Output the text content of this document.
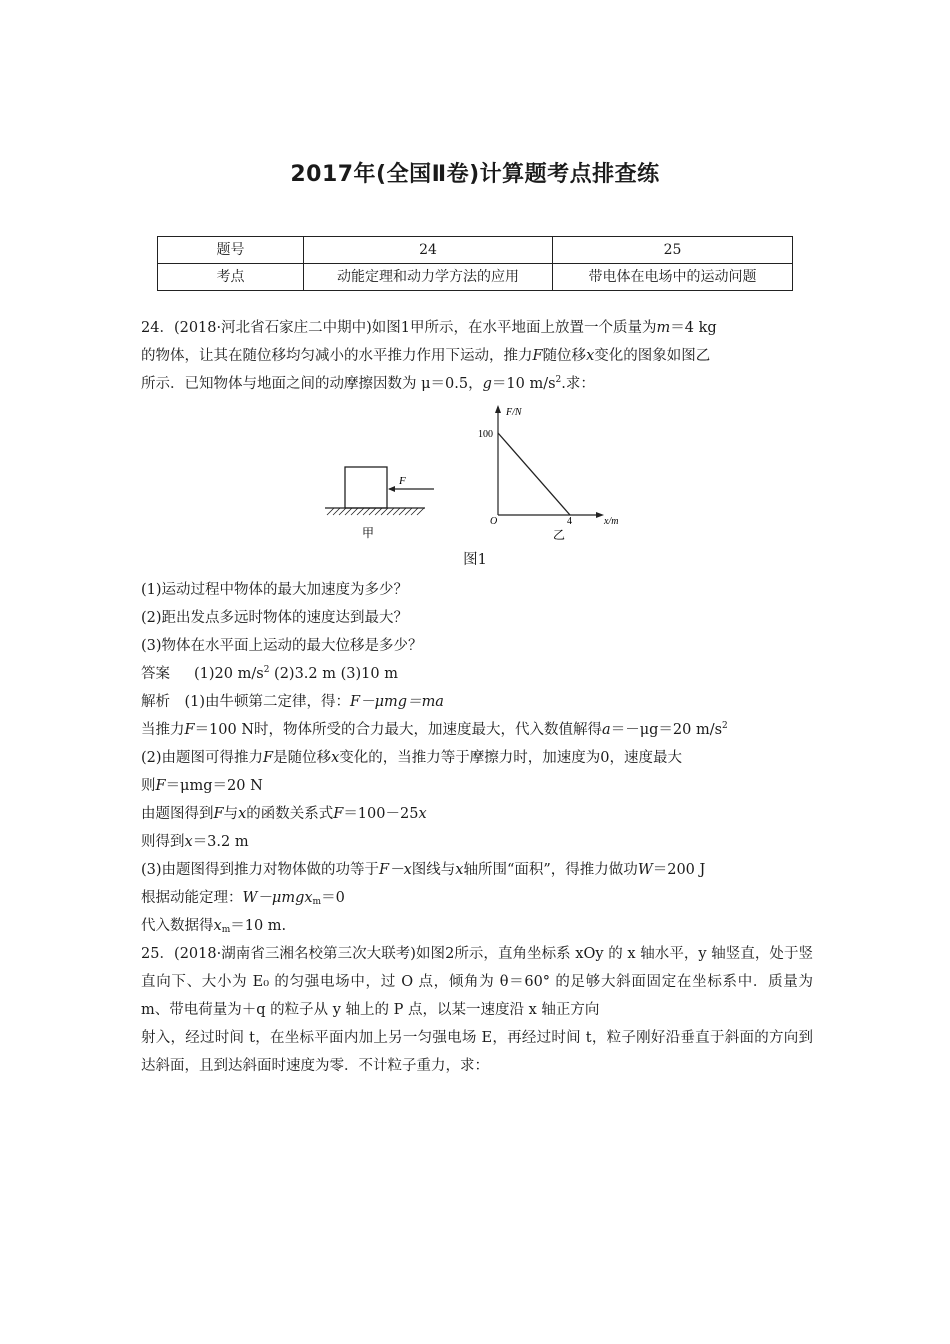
2017年(全国Ⅱ卷)计算题考点排查练
题号	24	25
考点	动能定理和动力学方法的应用	带电体在电场中的运动问题
24．(2018·河北省石家庄二中期中)如图1甲所示，在水平地面上放置一个质量为m＝4 kg
的物体，让其在随位移均匀减小的水平推力作用下运动，推力F随位移x变化的图象如图乙
所示．已知物体与地面之间的动摩擦因数为 μ＝0.5，g＝10 $m/s^2$.求：
F
甲
F/N
x/m
O
100
4
乙
图1
(1)运动过程中物体的最大加速度为多少？
(2)距出发点多远时物体的速度达到最大？
(3)物体在水平面上运动的最大位移是多少？
答案 (1)20 $m/s^2$ (2)3.2 m (3)10 m
解析　(1)由牛顿第二定律，得：F－μmg＝ma
当推力F＝100 N时，物体所受的合力最大，加速度最大，代入数值解得a＝－μg＝20 $m/s^2$
(2)由题图可得推力F是随位移x变化的，当推力等于摩擦力时，加速度为0，速度最大
则F＝μmg＝20 N
由题图得到F与x的函数关系式F＝100－25x
则得到x＝3.2 m
(3)由题图得到推力对物体做的功等于F－x图线与x轴所围“面积”，得推力做功W＝200 J
根据动能定理：W－μmgx$_m$＝0
代入数据得$x_m=10$ m.
25．(2018·湖南省三湘名校第三次大联考)如图2所示，直角坐标系 xOy 的 x 轴水平，y 轴竖直，处于竖直向下、大小为 E₀ 的匀强电场中，过 O 点，倾角为 θ＝60° 的足够大斜面固定在坐标系中．质量为 m、带电荷量为＋q 的粒子从 y 轴上的 P 点，以某一速度沿 x 轴正方向
射入，经过时间 t，在坐标平面内加上另一匀强电场 E，再经过时间 t，粒子刚好沿垂直于斜面的方向到达斜面，且到达斜面时速度为零．不计粒子重力，求：
